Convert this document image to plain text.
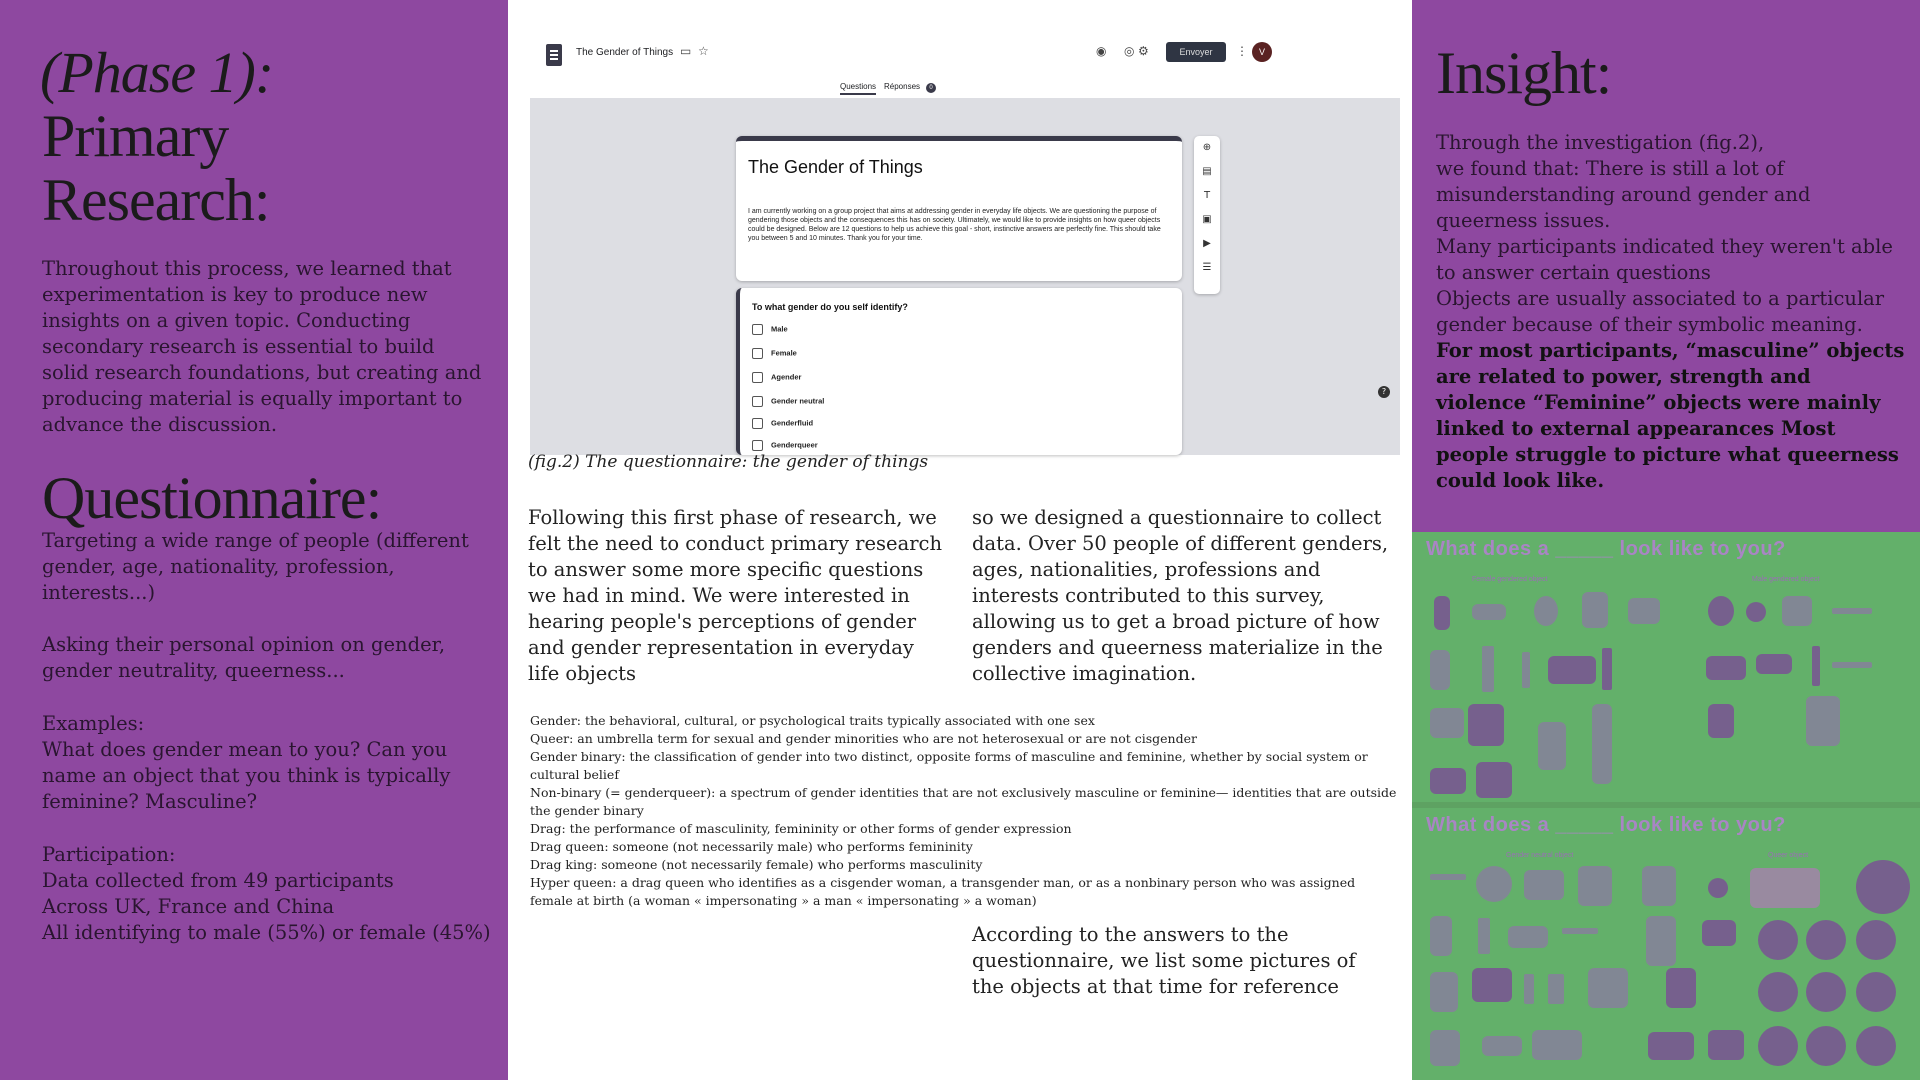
(Phase 1):
Primary
Research:
Throughout this process, we learned that experimentation is key to produce new insights on a given topic. Conducting secondary research is essential to build solid research foundations, but creating and producing material is equally important to advance the discussion.
Questionnaire:
Targeting a wide range of people (different gender, age, nationality, profession, interests...)
Asking their personal opinion on gender, gender neutrality, queerness...
Examples:
What does gender mean to you? Can you name an object that you think is typically feminine? Masculine?
Participation:
Data collected from 49 participants
Across UK, France and China
All identifying to male (55%) or female (45%)
The Gender of Things ▭ ☆	◉ ◎ ⚙	Envoyer	⋮	V
Questions Réponses 0
The Gender of Things
I am currently working on a group project that aims at addressing gender in everyday life objects. We are questioning the purpose of gendering those objects and the consequences this has on society. Ultimately, we would like to provide insights on how queer objects could be designed. Below are 12 questions to help us achieve this goal - short, instinctive answers are perfectly fine. This should take you between 5 and 10 minutes. Thank you for your time.
To what gender do you self identify?
Male
Female
Agender
Gender neutral
Genderfluid
Genderqueer
⊕
▤
T
▣
▶
☰
?
(fig.2) The questionnaire: the gender of things
Following this first phase of research, we felt the need to conduct primary research to answer some more specific questions we had in mind. We were interested in hearing people's perceptions of gender and gender representation in everyday life objects
so we designed a questionnaire to collect data. Over 50 people of different genders, ages, nationalities, professions and interests contributed to this survey, allowing us to get a broad picture of how genders and queerness materialize in the collective imagination.
Gender: the behavioral, cultural, or psychological traits typically associated with one sex
Queer: an umbrella term for sexual and gender minorities who are not heterosexual or are not cisgender
Gender binary: the classification of gender into two distinct, opposite forms of masculine and feminine, whether by social system or cultural belief
Non-binary (= genderqueer): a spectrum of gender identities that are not exclusively masculine or feminine— identities that are outside the gender binary
Drag: the performance of masculinity, femininity or other forms of gender expression
Drag queen: someone (not necessarily male) who performs femininity
Drag king: someone (not necessarily female) who performs masculinity
Hyper queen: a drag queen who identifies as a cisgender woman, a transgender man, or as a nonbinary person who was assigned female at birth (a woman « impersonating » a man « impersonating » a woman)
According to the answers to the questionnaire, we list some pictures of the objects at that time for reference
Insight:
Through the investigation (fig.2),
we found that: There is still a lot of misunderstanding around gender and queerness issues.
Many participants indicated they weren't able to answer certain questions
Objects are usually associated to a particular gender because of their symbolic meaning.
For most participants, “masculine” objects are related to power, strength and violence “Feminine” objects were mainly linked to external appearances Most people struggle to picture what queerness could look like.
What does a _____ look like to you?
Female gendered object	Male gendered object
What does a _____ look like to you?
Gender neutral object	Queer object
